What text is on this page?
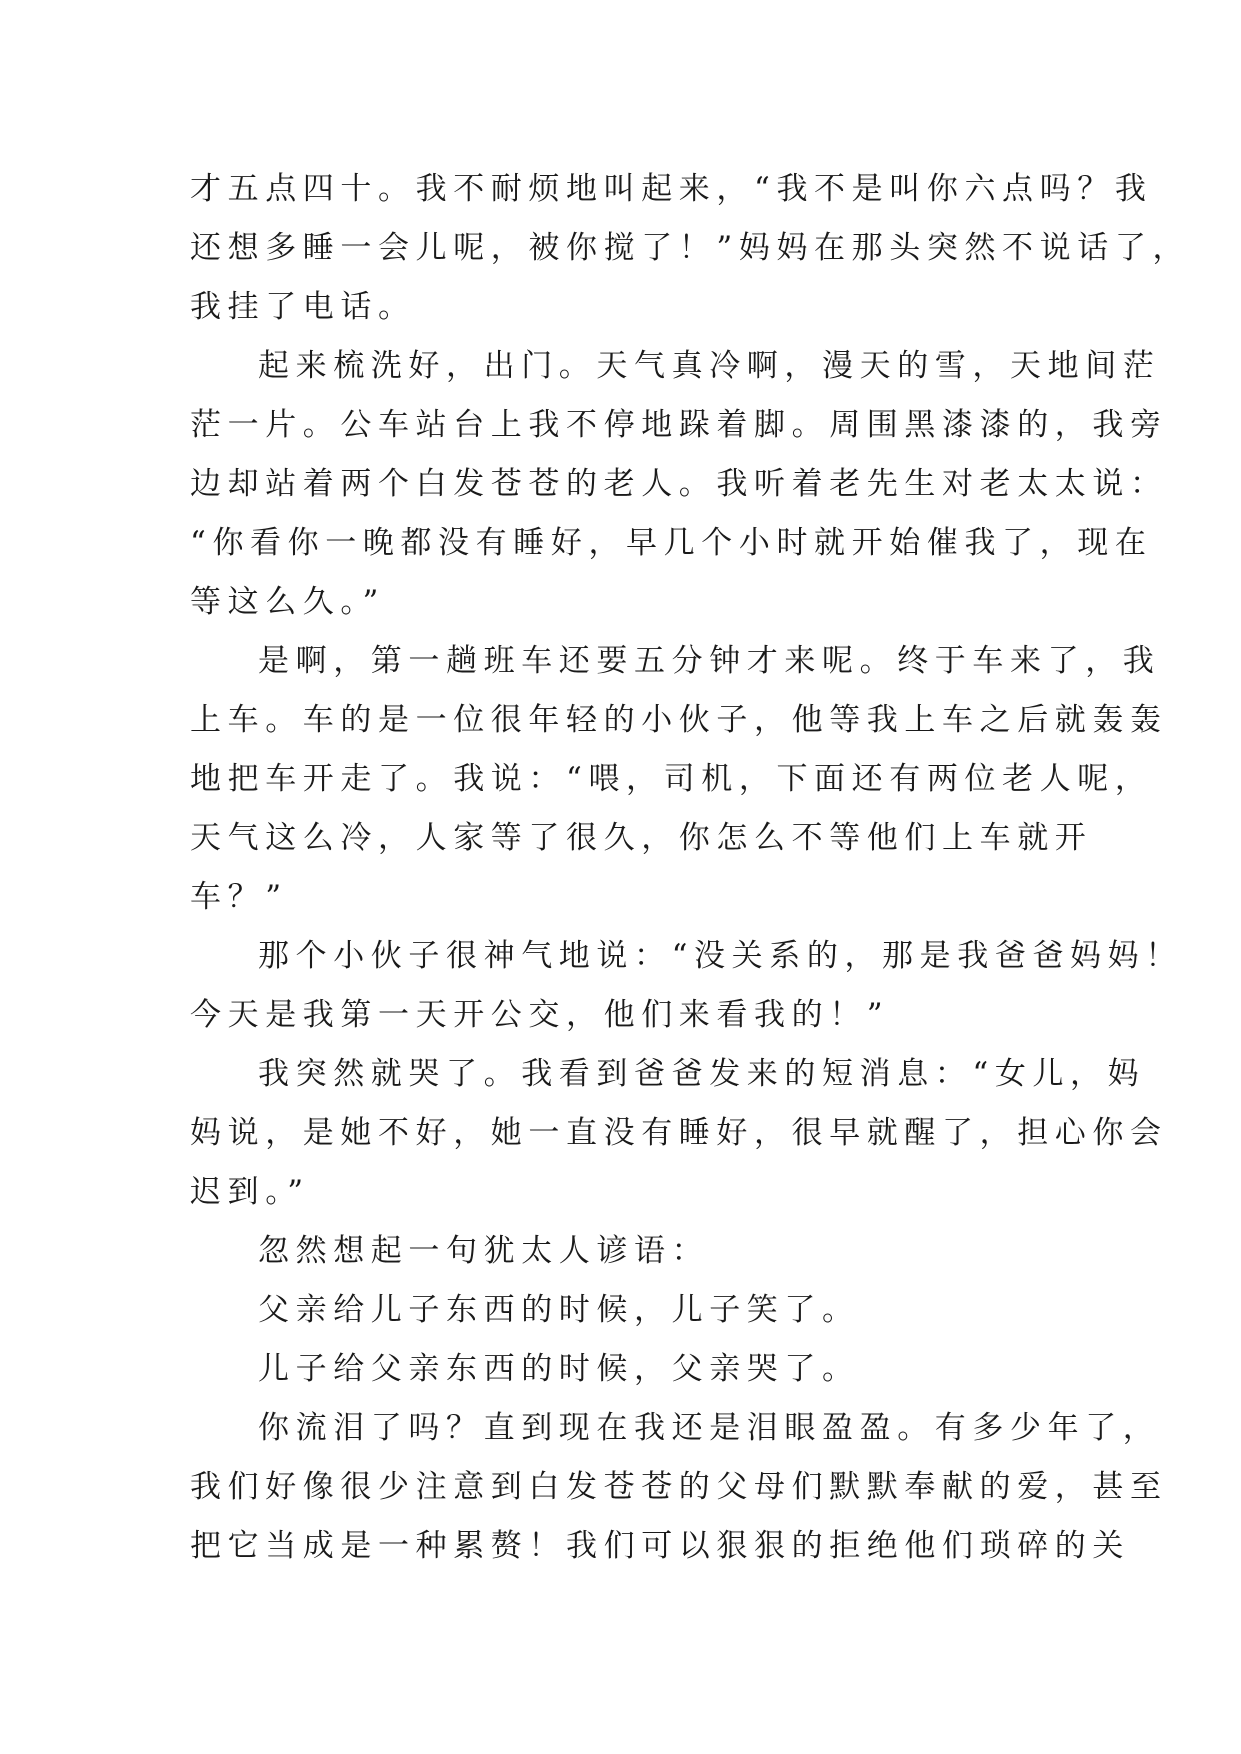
才五点四十。我不耐烦地叫起来，“我不是叫你六点吗？我
还想多睡一会儿呢，被你搅了！”妈妈在那头突然不说话了，
我挂了电话。
起来梳洗好，出门。天气真冷啊，漫天的雪，天地间茫
茫一片。公车站台上我不停地跺着脚。周围黑漆漆的，我旁
边却站着两个白发苍苍的老人。我听着老先生对老太太说：
“你看你一晚都没有睡好，早几个小时就开始催我了，现在
等这么久。”
是啊，第一趟班车还要五分钟才来呢。终于车来了，我
上车。车的是一位很年轻的小伙子，他等我上车之后就轰轰
地把车开走了。我说：“喂，司机，下面还有两位老人呢，
天气这么冷，人家等了很久，你怎么不等他们上车就开
车？”
那个小伙子很神气地说：“没关系的，那是我爸爸妈妈！
今天是我第一天开公交，他们来看我的！”
我突然就哭了。我看到爸爸发来的短消息：“女儿，妈
妈说，是她不好，她一直没有睡好，很早就醒了，担心你会
迟到。”
忽然想起一句犹太人谚语：
父亲给儿子东西的时候，儿子笑了。
儿子给父亲东西的时候，父亲哭了。
你流泪了吗？直到现在我还是泪眼盈盈。有多少年了，
我们好像很少注意到白发苍苍的父母们默默奉献的爱，甚至
把它当成是一种累赘！我们可以狠狠的拒绝他们琐碎的关
